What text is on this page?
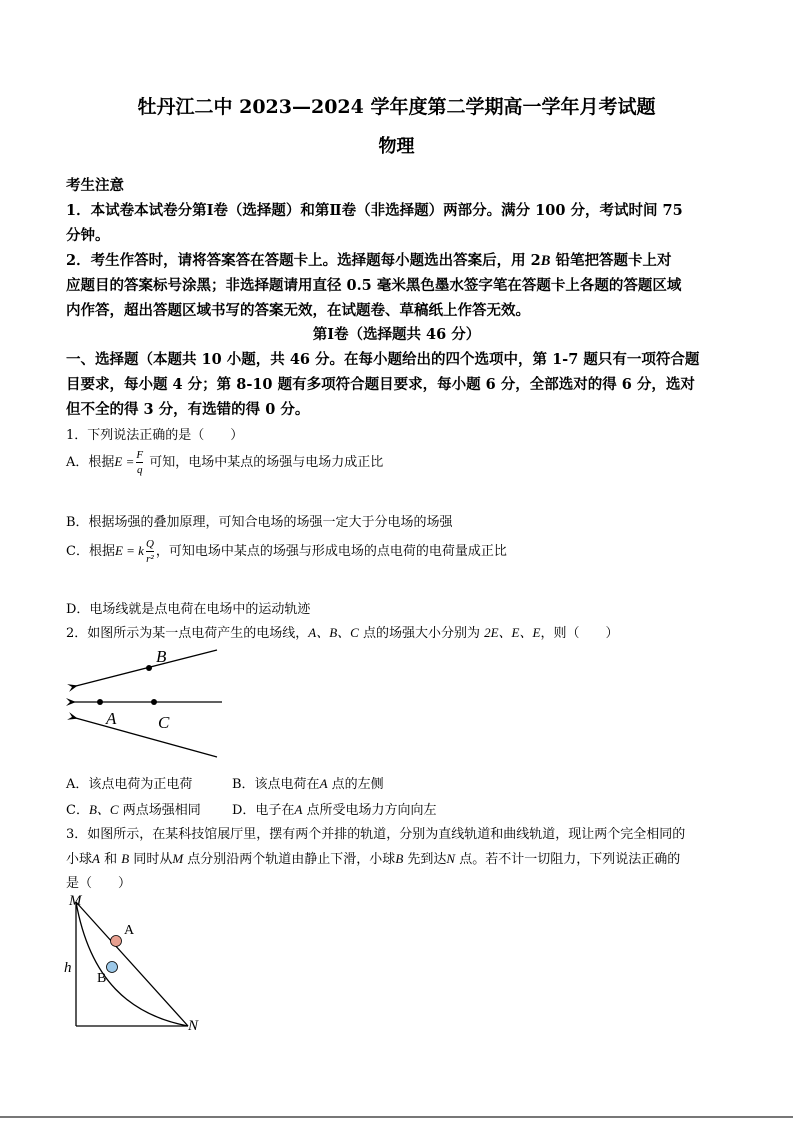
牡丹江二中 2023—2024 学年度第二学期高一学年月考试题
物理
考生注意
1．本试卷本试卷分第Ⅰ卷（选择题）和第Ⅱ卷（非选择题）两部分。满分 100 分，考试时间 75
分钟。
2．考生作答时，请将答案答在答题卡上。选择题每小题选出答案后，用 2B 铅笔把答题卡上对
应题目的答案标号涂黑；非选择题请用直径 0.5 毫米黑色墨水签字笔在答题卡上各题的答题区域
内作答，超出答题区域书写的答案无效，在试题卷、草稿纸上作答无效。
第Ⅰ卷（选择题共 46 分）
一、选择题（本题共 10 小题，共 46 分。在每小题给出的四个选项中，第 1-7 题只有一项符合题
目要求，每小题 4 分；第 8-10 题有多项符合题目要求，每小题 6 分，全部选对的得 6 分，选对
但不全的得 3 分，有选错的得 0 分。
1．下列说法正确的是（　　）
A．根据$E = \frac{F}{q}$ 可知，电场中某点的场强与电场力成正比
B．根据场强的叠加原理，可知合电场的场强一定大于分电场的场强
C．根据E = k $\frac{Q}{\text{r²}}$ ，可知电场中某点的场强与形成电场的点电荷的电荷量成正比
D．电场线就是点电荷在电场中的运动轨迹
2．如图所示为某一点电荷产生的电场线，A、B、C 点的场强大小分别为 2E、E、E，则（　　）
B
A C
A．该点电荷为正电荷	B．该点电荷在A 点的左侧
C．B、C 两点场强相同 D．电子在A 点所受电场力方向向左
3．如图所示，在某科技馆展厅里，摆有两个并排的轨道，分别为直线轨道和曲线轨道，现让两个完全相同的
小球A 和 B 同时从M 点分别沿两个轨道由静止下滑，小球B 先到达N 点。若不计一切阻力，下列说法正确的
是（　　）
M
A
B
h
N
